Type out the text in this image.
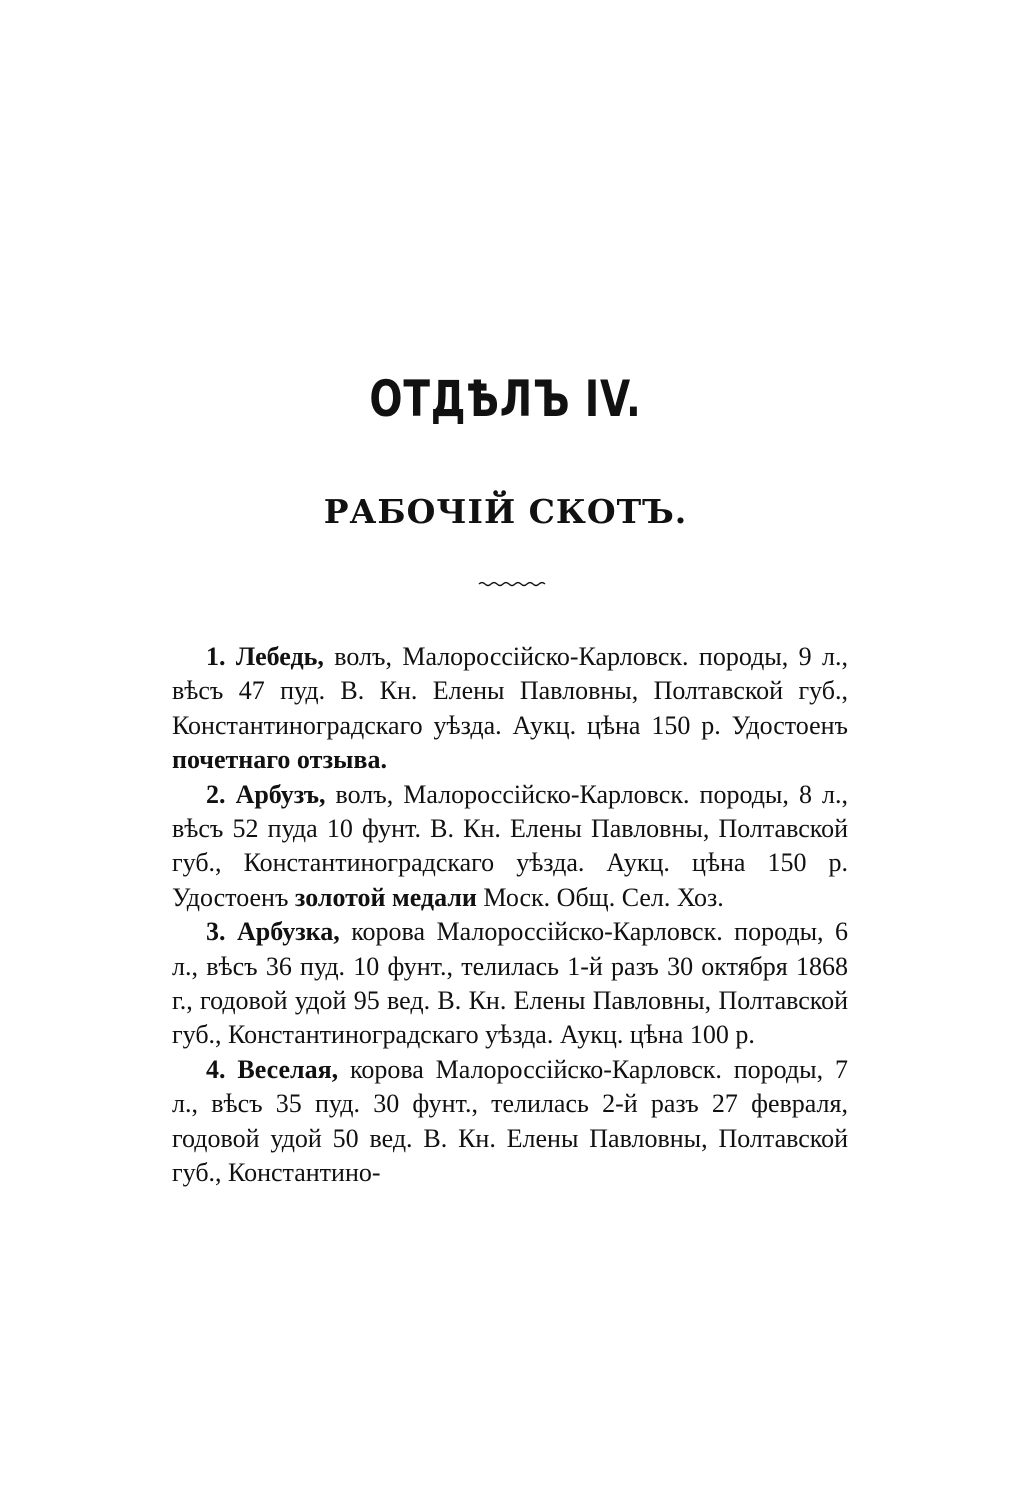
ОТДѢЛЪ IV.
РАБОЧІЙ СКОТЪ.

1. Лебедь, волъ, Малороссійско-Карловск. породы, 9 л., вѣсъ 47 пуд. В. Кн. Елены Павловны, Полтавской губ., Константиноградскаго уѣзда. Аукц. цѣна 150 р. Удостоенъ почетнаго отзыва.

2. Арбузъ, волъ, Малороссійско-Карловск. породы, 8 л., вѣсъ 52 пуда 10 фунт. В. Кн. Елены Павловны, Полтавской губ., Константиноградскаго уѣзда. Аукц. цѣна 150 р. Удостоенъ золотой медали Моск. Общ. Сел. Хоз.

3. Арбузка, корова Малороссійско-Карловск. породы, 6 л., вѣсъ 36 пуд. 10 фунт., телилась 1-й разъ 30 октября 1868 г., годовой удой 95 вед. В. Кн. Елены Павловны, Полтавской губ., Константиноградскаго уѣзда. Аукц. цѣна 100 р.

4. Веселая, корова Малороссійско-Карловск. породы, 7 л., вѣсъ 35 пуд. 30 фунт., телилась 2-й разъ 27 февраля, годовой удой 50 вед. В. Кн. Елены Павловны, Полтавской губ., Константино-
